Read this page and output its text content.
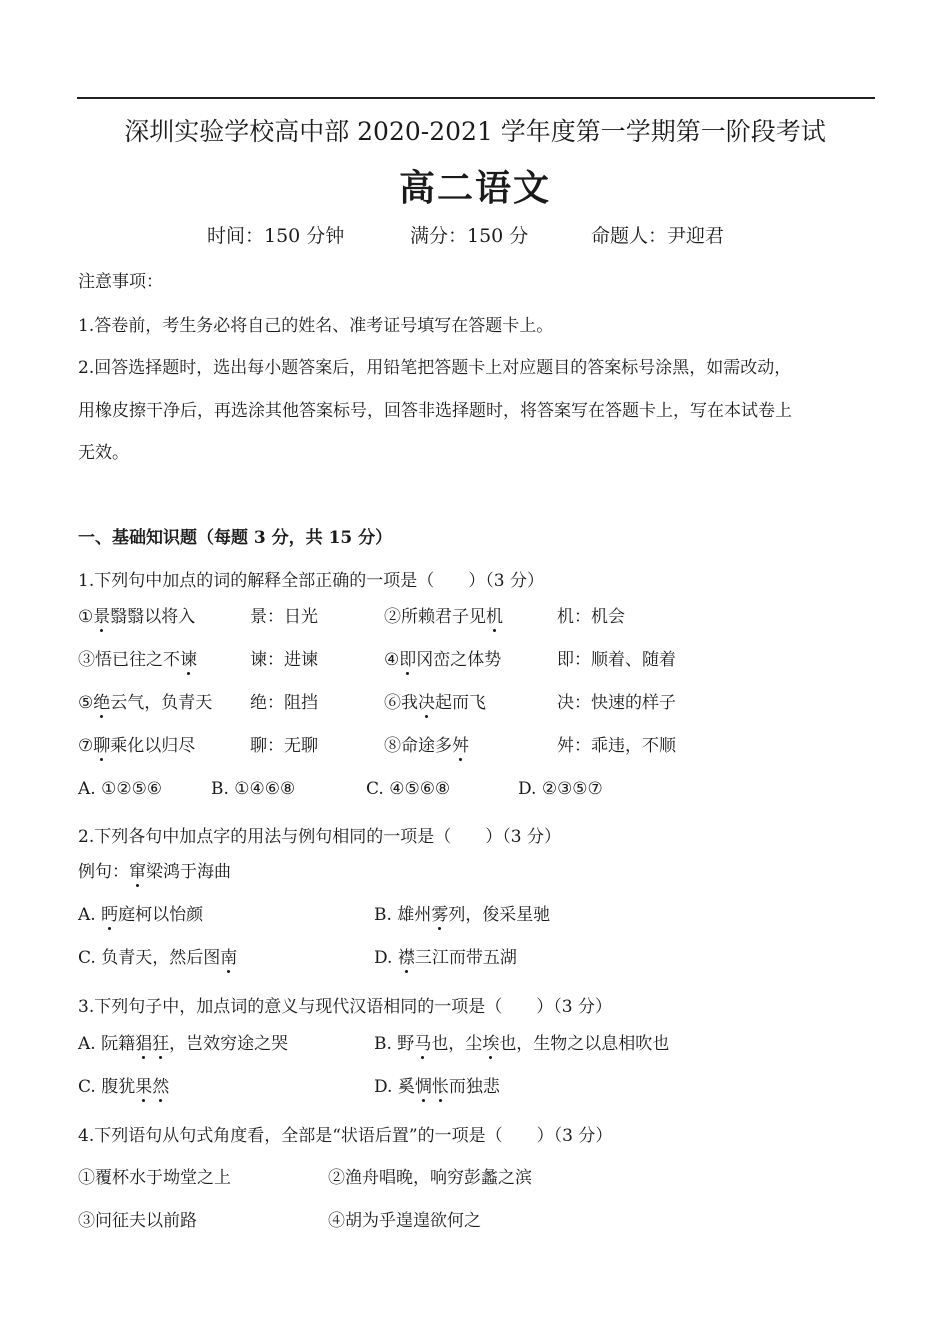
深圳实验学校高中部 2020-2021 学年度第一学期第一阶段考试
高二语文
时间：150 分钟	满分：150 分	命题人：尹迎君
注意事项：
1.答卷前，考生务必将自己的姓名、准考证号填写在答题卡上。
2.回答选择题时，选出每小题答案后，用铅笔把答题卡上对应题目的答案标号涂黑，如需改动，
用橡皮擦干净后，再选涂其他答案标号，回答非选择题时，将答案写在答题卡上，写在本试卷上
无效。
一、基础知识题（每题 3 分，共 15 分）
1.下列句中加点的词的解释全部正确的一项是（　　）（3 分）
①景翳翳以将入	景：日光	②所赖君子见机	机：机会
③悟已往之不谏	谏：进谏	④即冈峦之体势	即：顺着、随着
⑤绝云气，负青天 绝：阻挡	⑥我决起而飞	决：快速的样子
⑦聊乘化以归尽	聊：无聊	⑧命途多舛	舛：乖违，不顺
A. ①②⑤⑥	B. ①④⑥⑧	C. ④⑤⑥⑧	D. ②③⑤⑦
2.下列各句中加点字的用法与例句相同的一项是（　　）（3 分）
例句：窜梁鸿于海曲
A. 眄庭柯以怡颜	B. 雄州雾列，俊采星驰
C. 负青天，然后图南	D. 襟三江而带五湖
3.下列句子中，加点词的意义与现代汉语相同的一项是（　　）（3 分）
A. 阮籍猖狂，岂效穷途之哭	B. 野马也，尘埃也，生物之以息相吹也
C. 腹犹果然	D. 奚惆怅而独悲
4.下列语句从句式角度看，全部是“状语后置”的一项是（　　）（3 分）
①覆杯水于坳堂之上	②渔舟唱晚，响穷彭蠡之滨
③问征夫以前路	④胡为乎遑遑欲何之
